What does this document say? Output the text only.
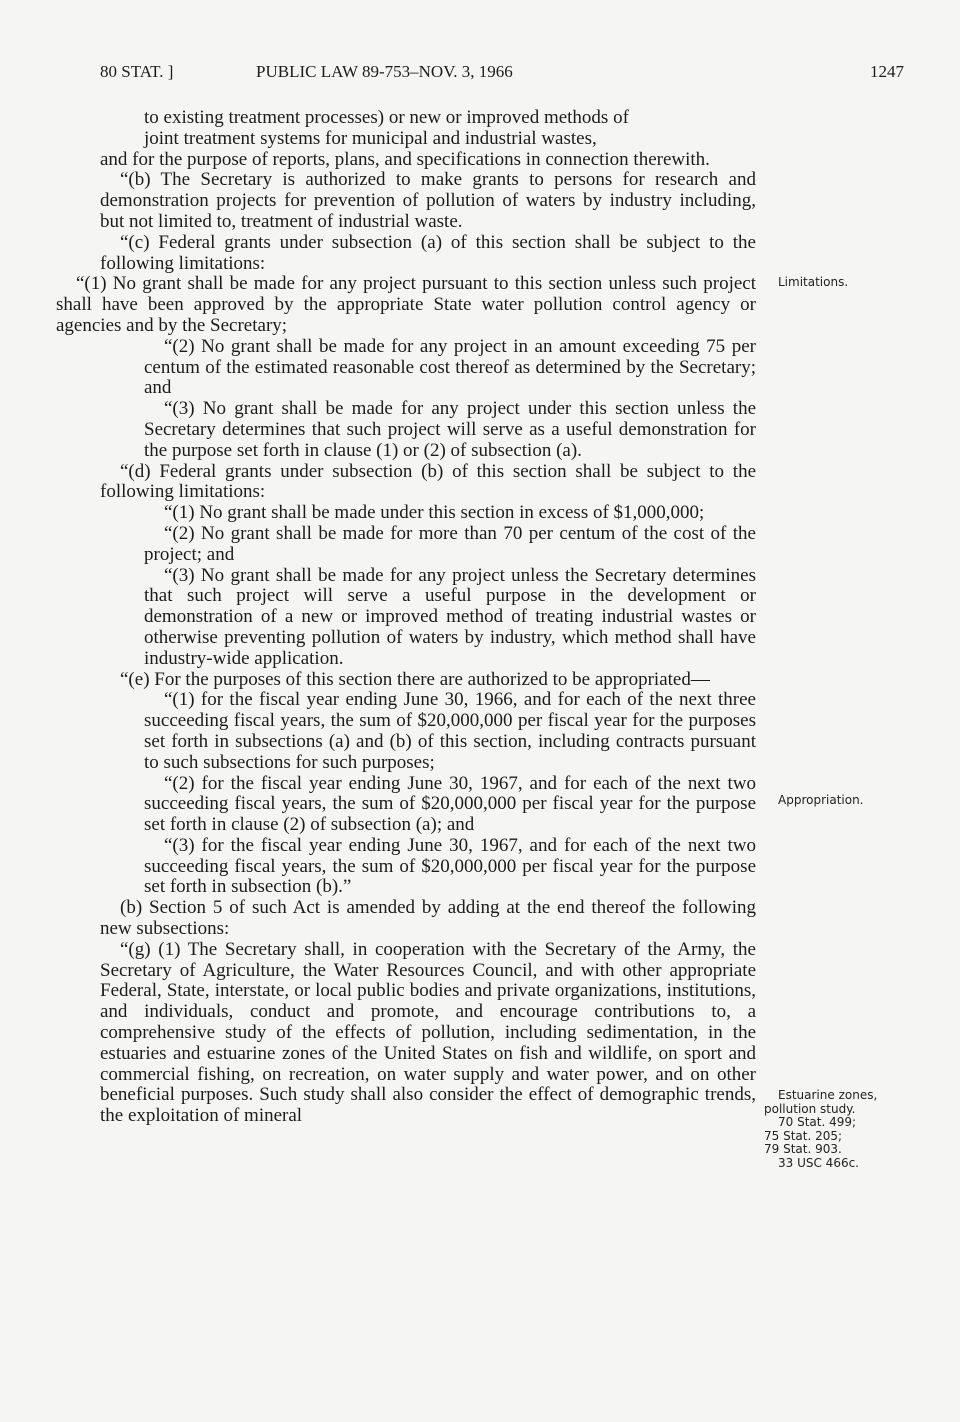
80 STAT. ]	PUBLIC LAW 89-753–NOV. 3, 1966	1247

to existing treatment processes) or new or improved methods of

joint treatment systems for municipal and industrial wastes,

and for the purpose of reports, plans, and specifications in connection therewith.

“(b) The Secretary is authorized to make grants to persons for research and demonstration projects for prevention of pollution of waters by industry including, but not limited to, treatment of industrial waste.

“(c) Federal grants under subsection (a) of this section shall be subject to the following limitations:

“(1) No grant shall be made for any project pursuant to this section unless such project shall have been approved by the appropriate State water pollution control agency or agencies and by the Secretary;

“(2) No grant shall be made for any project in an amount exceeding 75 per centum of the estimated reasonable cost thereof as determined by the Secretary; and

“(3) No grant shall be made for any project under this section unless the Secretary determines that such project will serve as a useful demonstration for the purpose set forth in clause (1) or (2) of subsection (a).

“(d) Federal grants under subsection (b) of this section shall be subject to the following limitations:

“(1) No grant shall be made under this section in excess of $1,000,000;

“(2) No grant shall be made for more than 70 per centum of the cost of the project; and

“(3) No grant shall be made for any project unless the Secretary determines that such project will serve a useful purpose in the development or demonstration of a new or improved method of treating industrial wastes or otherwise preventing pollution of waters by industry, which method shall have industry-wide application.

“(e) For the purposes of this section there are authorized to be appropriated—

“(1) for the fiscal year ending June 30, 1966, and for each of the next three succeeding fiscal years, the sum of $20,000,000 per fiscal year for the purposes set forth in subsections (a) and (b) of this section, including contracts pursuant to such subsections for such purposes;

“(2) for the fiscal year ending June 30, 1967, and for each of the next two succeeding fiscal years, the sum of $20,000,000 per fiscal year for the purpose set forth in clause (2) of subsection (a); and

“(3) for the fiscal year ending June 30, 1967, and for each of the next two succeeding fiscal years, the sum of $20,000,000 per fiscal year for the purpose set forth in subsection (b).”

(b) Section 5 of such Act is amended by adding at the end thereof the following new subsections:

“(g) (1) The Secretary shall, in cooperation with the Secretary of the Army, the Secretary of Agriculture, the Water Resources Council, and with other appropriate Federal, State, interstate, or local public bodies and private organizations, institutions, and individuals, conduct and promote, and encourage contributions to, a comprehensive study of the effects of pollution, including sedimentation, in the estuaries and estuarine zones of the United States on fish and wildlife, on sport and commercial fishing, on recreation, on water supply and water power, and on other beneficial purposes. Such study shall also consider the effect of demographic trends, the exploitation of mineral

Limitations.
Appropriation.
Estuarine zones,
pollution study.
70 Stat. 499;
75 Stat. 205;
79 Stat. 903.
33 USC 466c.
